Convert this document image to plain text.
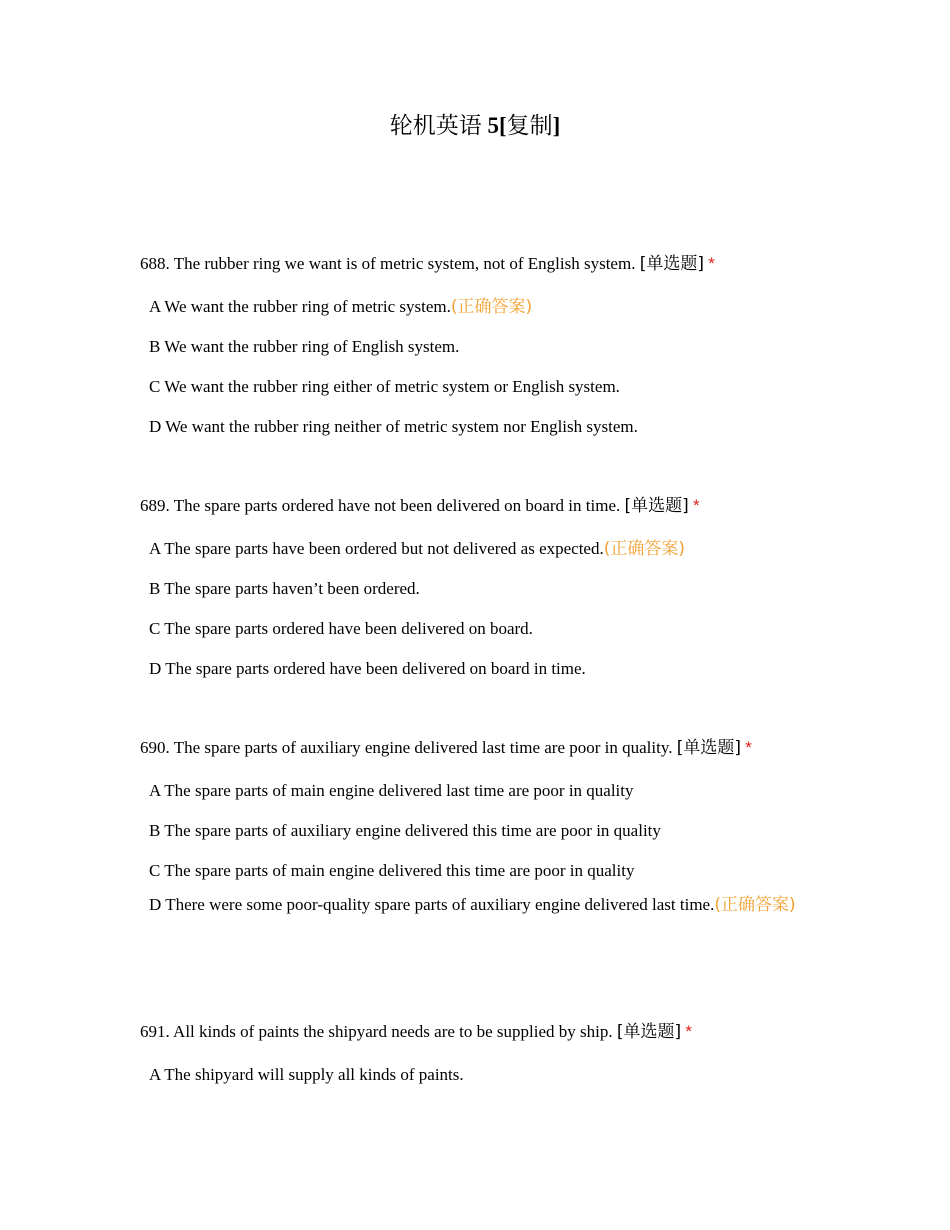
轮机英语 5[复制]

688. The rubber ring we want is of metric system, not of English system. [单选题] *

A We want the rubber ring of metric system.(正确答案)
B We want the rubber ring of English system.
C We want the rubber ring either of metric system or English system.
D We want the rubber ring neither of metric system nor English system.

689. The spare parts ordered have not been delivered on board in time. [单选题] *

A The spare parts have been ordered but not delivered as expected.(正确答案)
B The spare parts haven’t been ordered.
C The spare parts ordered have been delivered on board.
D The spare parts ordered have been delivered on board in time.

690. The spare parts of auxiliary engine delivered last time are poor in quality. [单选题] *

A The spare parts of main engine delivered last time are poor in quality
B The spare parts of auxiliary engine delivered this time are poor in quality
C The spare parts of main engine delivered this time are poor in quality
D There were some poor-quality spare parts of auxiliary engine delivered last time.(正确答案)

691. All kinds of paints the shipyard needs are to be supplied by ship. [单选题] *

A The shipyard will supply all kinds of paints.
